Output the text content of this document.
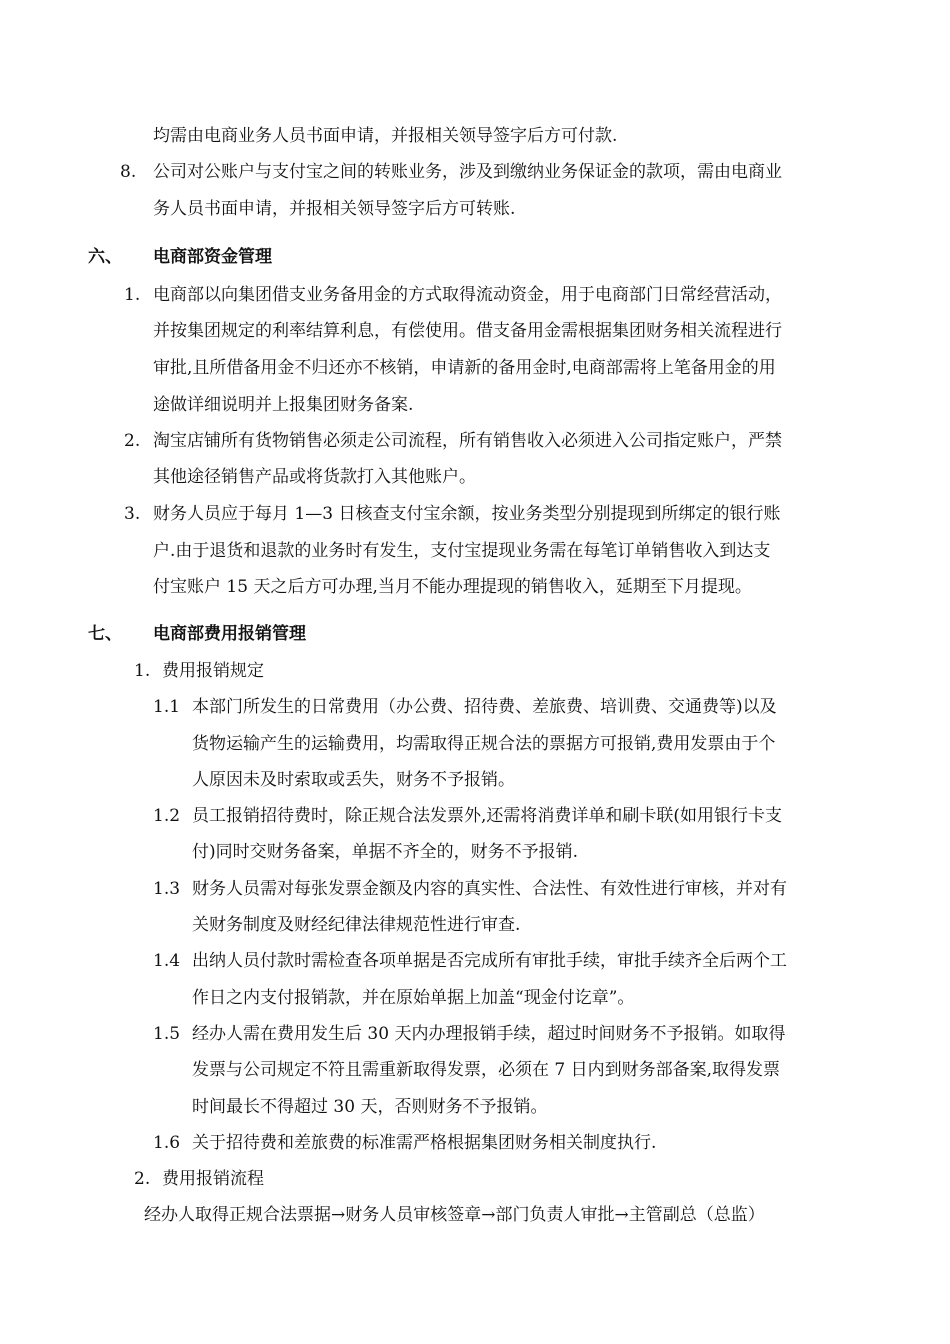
均需由电商业务人员书面申请，并报相关领导签字后方可付款.
8. 公司对公账户与支付宝之间的转账业务，涉及到缴纳业务保证金的款项，需由电商业
务人员书面申请，并报相关领导签字后方可转账.
六、 电商部资金管理
1. 电商部以向集团借支业务备用金的方式取得流动资金，用于电商部门日常经营活动，
并按集团规定的利率结算利息，有偿使用。借支备用金需根据集团财务相关流程进行
审批,且所借备用金不归还亦不核销，申请新的备用金时,电商部需将上笔备用金的用
途做详细说明并上报集团财务备案.
2. 淘宝店铺所有货物销售必须走公司流程，所有销售收入必须进入公司指定账户，严禁
其他途径销售产品或将货款打入其他账户。
3. 财务人员应于每月 1—3 日核查支付宝余额，按业务类型分别提现到所绑定的银行账
户.由于退货和退款的业务时有发生，支付宝提现业务需在每笔订单销售收入到达支
付宝账户 15 天之后方可办理,当月不能办理提现的销售收入，延期至下月提现。
七、 电商部费用报销管理
1. 费用报销规定
1.1 本部门所发生的日常费用（办公费、招待费、差旅费、培训费、交通费等)以及
货物运输产生的运输费用，均需取得正规合法的票据方可报销,费用发票由于个
人原因未及时索取或丢失，财务不予报销。
1.2 员工报销招待费时，除正规合法发票外,还需将消费详单和刷卡联(如用银行卡支
付)同时交财务备案，单据不齐全的，财务不予报销.
1.3 财务人员需对每张发票金额及内容的真实性、合法性、有效性进行审核，并对有
关财务制度及财经纪律法律规范性进行审查.
1.4 出纳人员付款时需检查各项单据是否完成所有审批手续，审批手续齐全后两个工
作日之内支付报销款，并在原始单据上加盖“现金付讫章”。
1.5 经办人需在费用发生后 30 天内办理报销手续，超过时间财务不予报销。如取得
发票与公司规定不符且需重新取得发票，必须在 7 日内到财务部备案,取得发票
时间最长不得超过 30 天，否则财务不予报销。
1.6 关于招待费和差旅费的标准需严格根据集团财务相关制度执行.
2. 费用报销流程
经办人取得正规合法票据→财务人员审核签章→部门负责人审批→主管副总（总监）
